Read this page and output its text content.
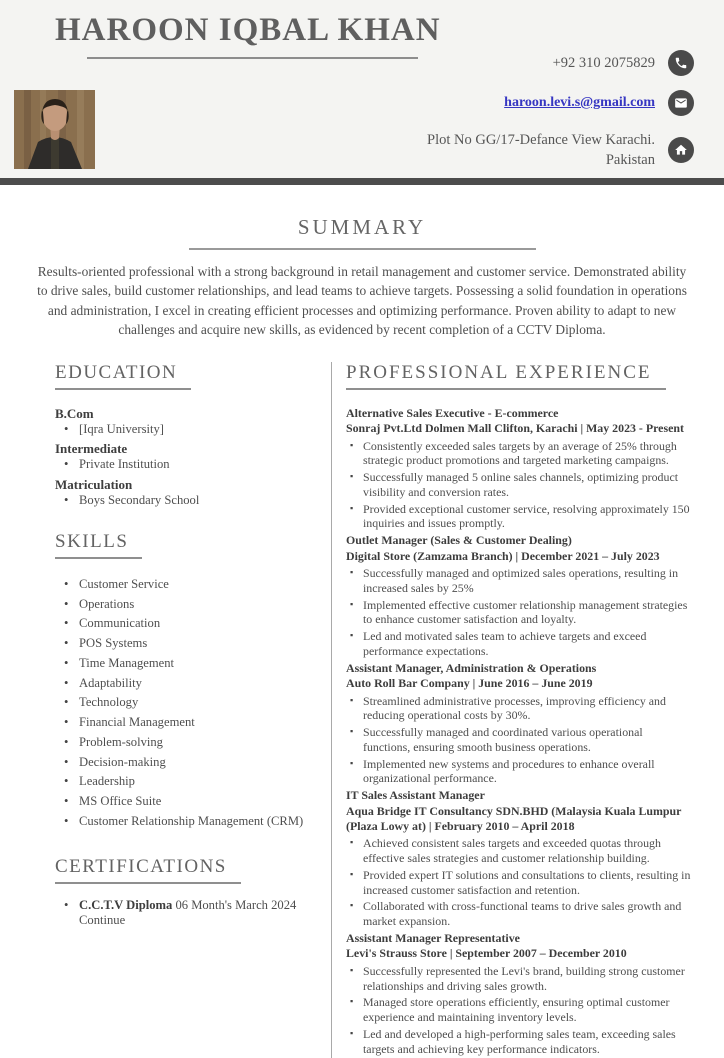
HAROON IQBAL KHAN
+92 310 2075829
haroon.levi.s@gmail.com
Plot No GG/17-Defance View Karachi.
Pakistan
SUMMARY

Results-oriented professional with a strong background in retail management and customer service. Demonstrated ability to drive sales, build customer relationships, and lead teams to achieve targets. Possessing a solid foundation in operations and administration, I excel in creating efficient processes and optimizing performance. Proven ability to adapt to new challenges and acquire new skills, as evidenced by recent completion of a CCTV Diploma.

EDUCATION
B.Com
• [Iqra University]
Intermediate
• Private Institution
Matriculation
• Boys Secondary School
SKILLS
• Customer Service
• Operations
• Communication
• POS Systems
• Time Management
• Adaptability
• Technology
• Financial Management
• Problem-solving
• Decision-making
• Leadership
• MS Office Suite
• Customer Relationship Management (CRM)
CERTIFICATIONS
• C.C.T.V Diploma 06 Month's March 2024 Continue
PROFESSIONAL EXPERIENCE
Alternative Sales Executive - E-commerce
Sonraj Pvt.Ltd Dolmen Mall Clifton, Karachi | May 2023 - Present
▪ Consistently exceeded sales targets by an average of 25% through strategic product promotions and targeted marketing campaigns.
▪ Successfully managed 5 online sales channels, optimizing product visibility and conversion rates.
▪ Provided exceptional customer service, resolving approximately 150 inquiries and issues promptly.
Outlet Manager (Sales & Customer Dealing)
Digital Store (Zamzama Branch) | December 2021 – July 2023
▪ Successfully managed and optimized sales operations, resulting in increased sales by 25%
▪ Implemented effective customer relationship management strategies to enhance customer satisfaction and loyalty.
▪ Led and motivated sales team to achieve targets and exceed performance expectations.
Assistant Manager, Administration & Operations
Auto Roll Bar Company | June 2016 – June 2019
▪ Streamlined administrative processes, improving efficiency and reducing operational costs by 30%.
▪ Successfully managed and coordinated various operational functions, ensuring smooth business operations.
▪ Implemented new systems and procedures to enhance overall organizational performance.
IT Sales Assistant Manager
Aqua Bridge IT Consultancy SDN.BHD (Malaysia Kuala Lumpur (Plaza Lowy at) | February 2010 – April 2018
▪ Achieved consistent sales targets and exceeded quotas through effective sales strategies and customer relationship building.
▪ Provided expert IT solutions and consultations to clients, resulting in increased customer satisfaction and retention.
▪ Collaborated with cross-functional teams to drive sales growth and market expansion.
Assistant Manager Representative
Levi's Strauss Store | September 2007 – December 2010
▪ Successfully represented the Levi's brand, building strong customer relationships and driving sales growth.
▪ Managed store operations efficiently, ensuring optimal customer experience and maintaining inventory levels.
▪ Led and developed a high-performing sales team, exceeding sales targets and achieving key performance indicators.
